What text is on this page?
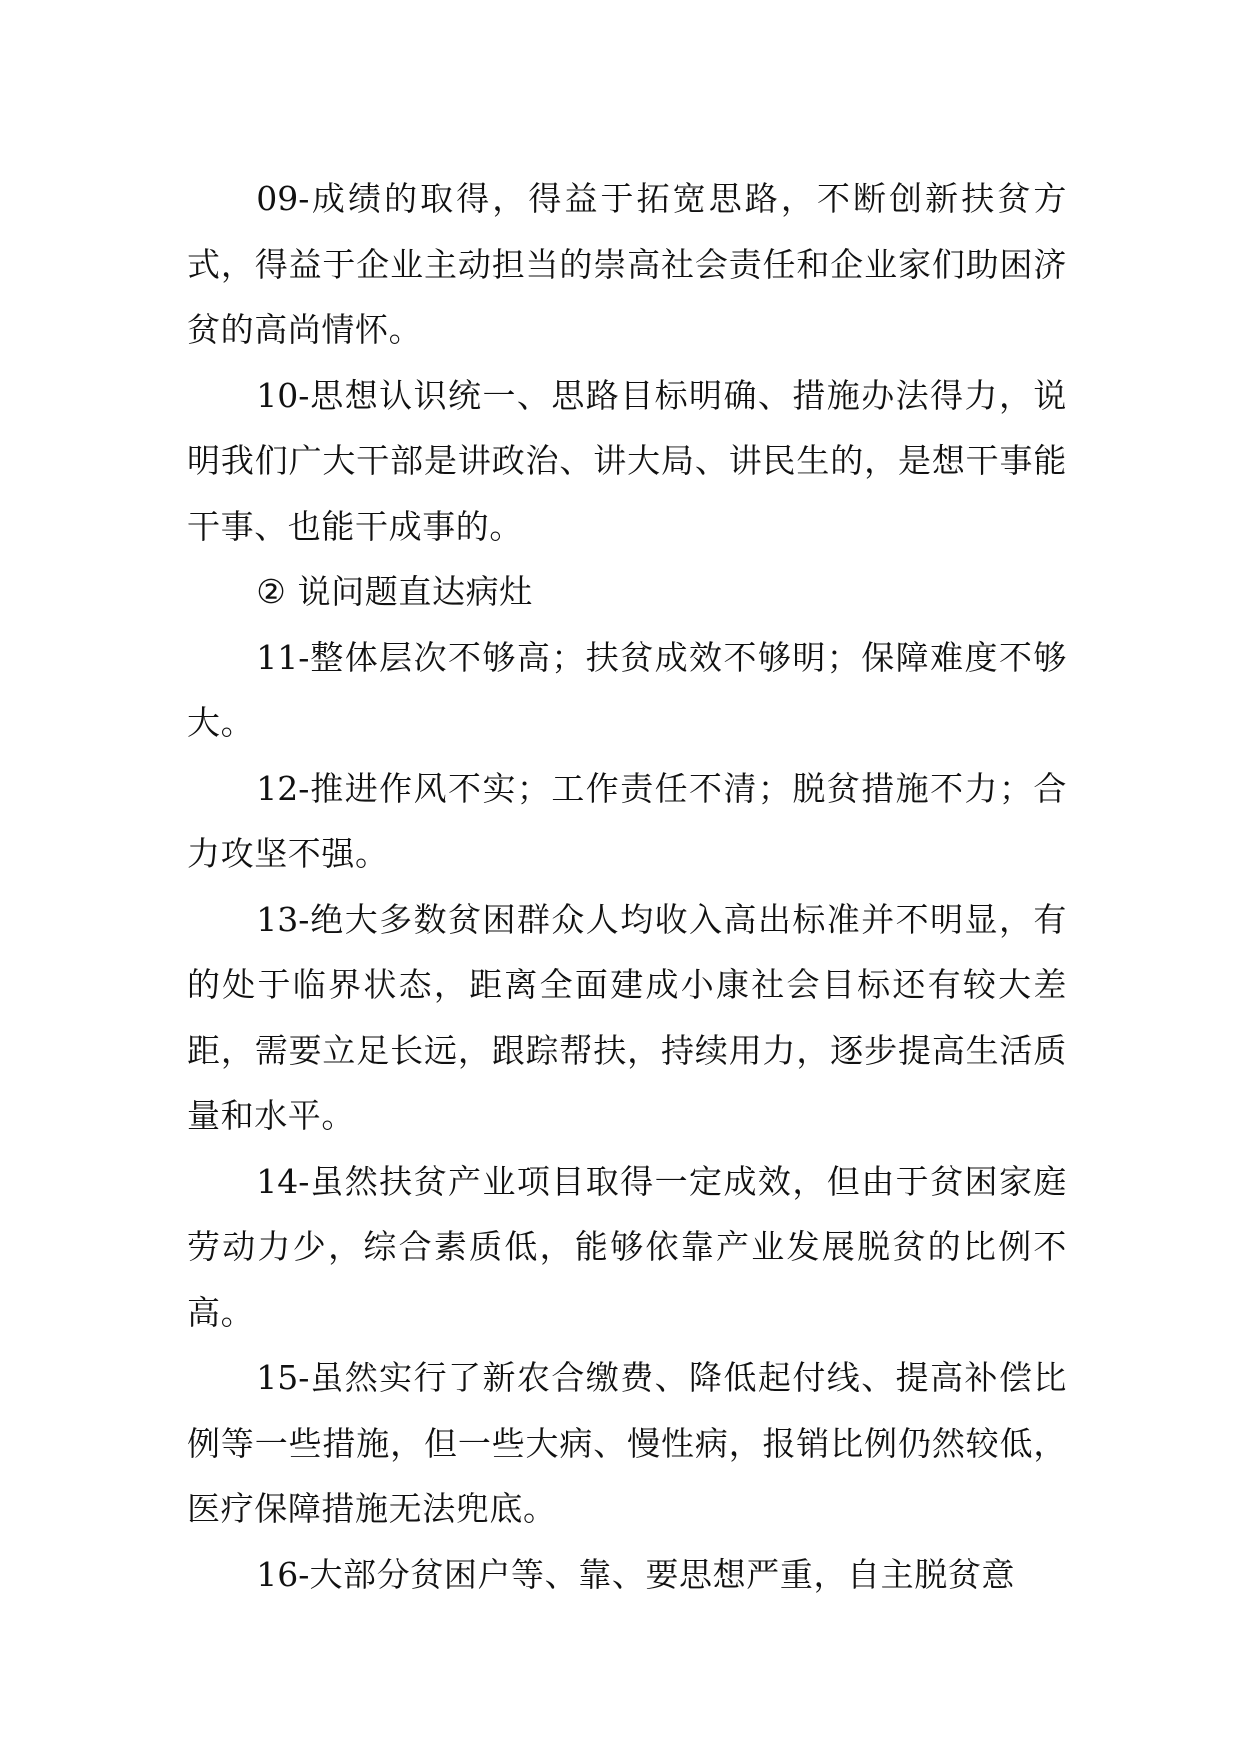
09-成绩的取得，得益于拓宽思路，不断创新扶贫方式，得益于企业主动担当的崇高社会责任和企业家们助困济贫的高尚情怀。

10-思想认识统一、思路目标明确、措施办法得力，说明我们广大干部是讲政治、讲大局、讲民生的，是想干事能干事、也能干成事的。

② 说问题直达病灶

11-整体层次不够高；扶贫成效不够明；保障难度不够大。

12-推进作风不实；工作责任不清；脱贫措施不力；合力攻坚不强。

13-绝大多数贫困群众人均收入高出标准并不明显，有的处于临界状态，距离全面建成小康社会目标还有较大差距，需要立足长远，跟踪帮扶，持续用力，逐步提高生活质量和水平。

14-虽然扶贫产业项目取得一定成效，但由于贫困家庭劳动力少，综合素质低，能够依靠产业发展脱贫的比例不高。

15-虽然实行了新农合缴费、降低起付线、提高补偿比例等一些措施，但一些大病、慢性病，报销比例仍然较低，医疗保障措施无法兜底。

16-大部分贫困户等、靠、要思想严重，自主脱贫意
